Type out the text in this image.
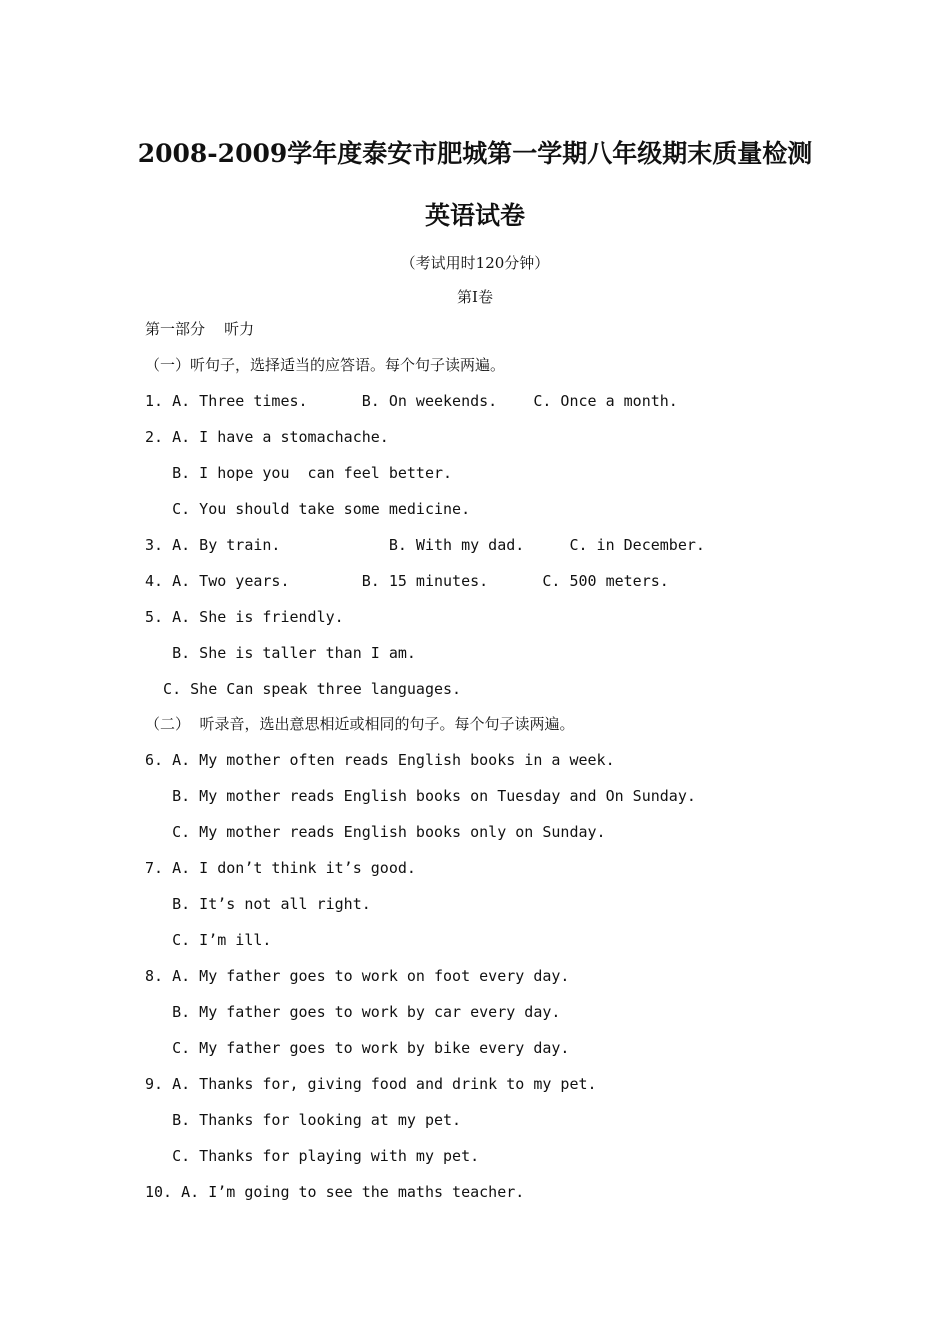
2008-2009学年度泰安市肥城第一学期八年级期末质量检测
英语试卷
（考试用时120分钟）
第Ⅰ卷
第一部分    听力
（一）听句子，选择适当的应答语。每个句子读两遍。
1. A. Three times.      B. On weekends.    C. Once a month.
2. A. I have a stomachache.
B. I hope you  can feel better.
C. You should take some medicine.
3. A. By train.            B. With my dad.     C. in December.
4. A. Two years.        B. 15 minutes.      C. 500 meters.
5. A. She is friendly.
B. She is taller than I am.
C. She Can speak three languages.
（二）  听录音，选出意思相近或相同的句子。每个句子读两遍。
6. A. My mother often reads English books in a week.
B. My mother reads English books on Tuesday and On Sunday.
C. My mother reads English books only on Sunday.
7. A. I don’t think it’s good.
B. It’s not all right.
C. I’m ill.
8. A. My father goes to work on foot every day.
B. My father goes to work by car every day.
C. My father goes to work by bike every day.
9. A. Thanks for, giving food and drink to my pet.
B. Thanks for looking at my pet.
C. Thanks for playing with my pet.
10. A. I’m going to see the maths teacher.
